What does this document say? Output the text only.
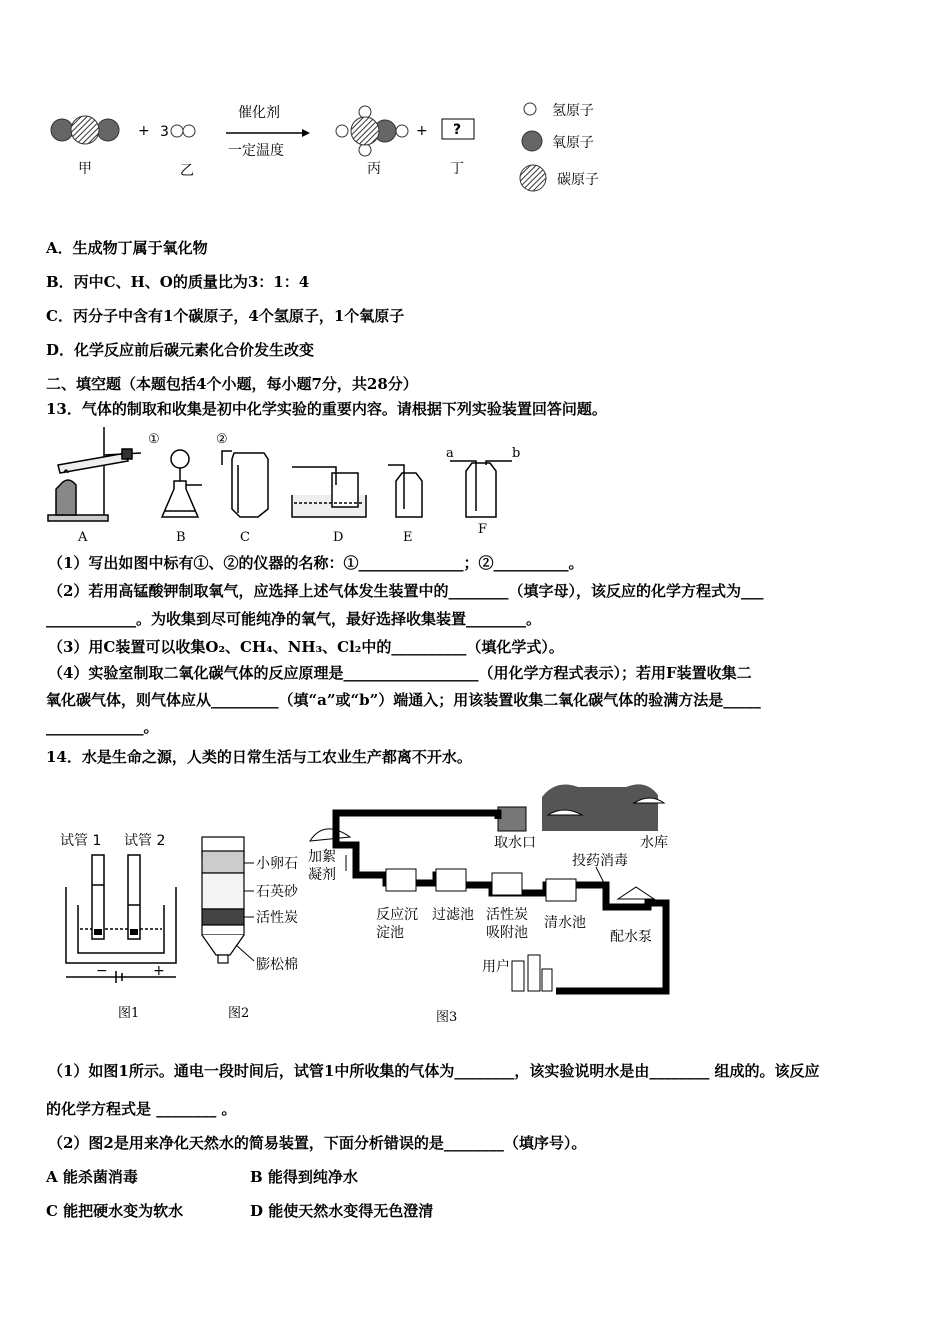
甲
+ 3
乙
催化剂
一定温度
丙
+ ?
丁
氢原子
氧原子
碳原子
A．生成物丁属于氧化物
B．丙中C、H、O的质量比为3：1：4
C．丙分子中含有1个碳原子，4个氢原子，1个氧原子
D．化学反应前后碳元素化合价发生改变
二、填空题（本题包括4个小题，每小题7分，共28分）
13．气体的制取和收集是初中化学实验的重要内容。请根据下列实验装置回答问题。
A
①
B
②
C	D	E
a	b
F
（1）写出如图中标有①、②的仪器的名称：①______________；②__________。
（2）若用高锰酸钾制取氧气，应选择上述气体发生装置中的________（填字母），该反应的化学方程式为___
____________。为收集到尽可能纯净的氧气，最好选择收集装置________。
（3）用C装置可以收集O₂、CH₄、NH₃、Cl₂中的__________（填化学式）。
（4）实验室制取二氧化碳气体的反应原理是__________________（用化学方程式表示）；若用F装置收集二
氧化碳气体，则气体应从_________（填“a”或“b”）端通入；用该装置收集二氧化碳气体的验满方法是_____
_____________。
14．水是生命之源，人类的日常生活与工农业生产都离不开水。
试管 1 试管 2
−	+
图1
小卵石
石英砂
活性炭
膨松棉
图2
取水口	水库
加絮
凝剂
投药消毒
反应沉
淀池
过滤池 活性炭
吸附池
清水池
配水泵
用户
图3
（1）如图1所示。通电一段时间后，试管1中所收集的气体为________，该实验说明水是由________ 组成的。该反应
的化学方程式是 ________ 。
（2）图2是用来净化天然水的简易装置，下面分析错误的是________（填序号）。
A 能杀菌消毒	B 能得到纯净水
C 能把硬水变为软水	D 能使天然水变得无色澄清
